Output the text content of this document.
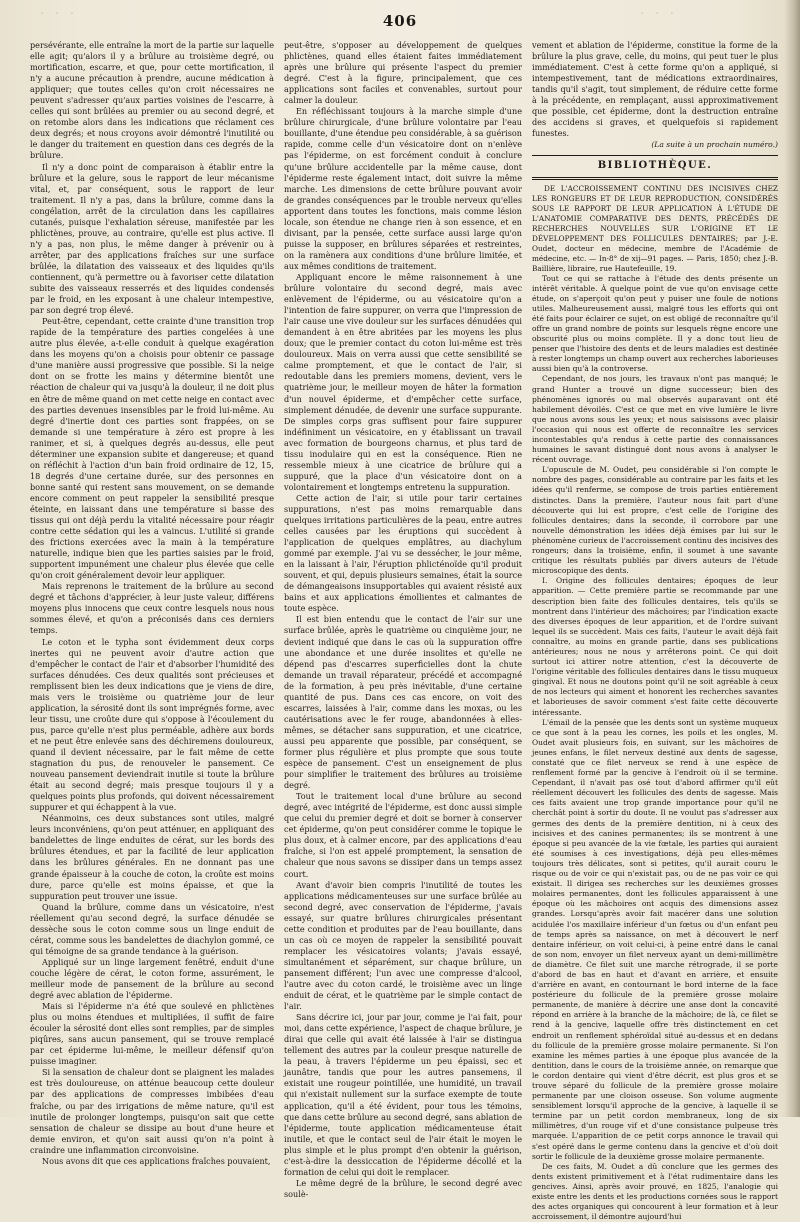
· · ·	· · ·
406

persévérante, elle entraîne la mort de la partie sur laquelle elle agit; qu'alors il y a brûlure au troisième degré, ou mortification, escarre, et que, pour cette mortification, il n'y a aucune précaution à prendre, aucune médication à appliquer; que toutes celles qu'on croit nécessaires ne peuvent s'adresser qu'aux parties voisines de l'escarre, à celles qui sont brûlées au premier ou au second degré, et on retombe alors dans les indications que réclament ces deux degrés; et nous croyons avoir démontré l'inutilité ou le danger du traitement en question dans ces degrés de la brûlure.

Il n'y a donc point de comparaison à établir entre la brûlure et la gelure, sous le rapport de leur mécanisme vital, et, par conséquent, sous le rapport de leur traitement. Il n'y a pas, dans la brûlure, comme dans la congélation, arrêt de la circulation dans les capillaires cutanés, puisque l'exhalation séreuse, manifestée par les phlictènes, prouve, au contraire, qu'elle est plus active. Il n'y a pas, non plus, le même danger à prévenir ou à arrêter, par des applications fraîches sur une surface brûlée, la dilatation des vaisseaux et des liquides qu'ils contiennent, qu'à permettre ou à favoriser cette dilatation subite des vaisseaux resserrés et des liquides condensés par le froid, en les exposant à une chaleur intempestive, par son degré trop élevé.

Peut-être, cependant, cette crainte d'une transition trop rapide de la température des parties congelées à une autre plus élevée, a-t-elle conduit à quelque exagération dans les moyens qu'on a choisis pour obtenir ce passage d'une manière aussi progressive que possible. Si la neige dont on se frotte les mains y détermine bientôt une réaction de chaleur qui va jusqu'à la douleur, il ne doit plus en être de même quand on met cette neige en contact avec des parties devenues insensibles par le froid lui-même. Au degré d'inertie dont ces parties sont frappées, on se demande si une température à zéro est propre à les ranimer, et si, à quelques degrés au-dessus, elle peut déterminer une expansion subite et dangereuse; et quand on réfléchit à l'action d'un bain froid ordinaire de 12, 15, 18 degrés d'une certaine durée, sur des personnes en bonne santé qui restent sans mouvement, on se demande encore comment on peut rappeler la sensibilité presque éteinte, en laissant dans une température si basse des tissus qui ont déjà perdu la vitalité nécessaire pour réagir contre cette sédation qui les a vaincus. L'utilité si grande des frictions exercées avec la main à la température naturelle, indique bien que les parties saisies par le froid, supportent impunément une chaleur plus élevée que celle qu'on croit généralement devoir leur appliquer.

Mais reprenons le traitement de la brûlure au second degré et tâchons d'apprécier, à leur juste valeur, différens moyens plus innocens que ceux contre lesquels nous nous sommes élevé, et qu'on a préconisés dans ces derniers temps.

Le coton et le typha sont évidemment deux corps inertes qui ne peuvent avoir d'autre action que d'empêcher le contact de l'air et d'absorber l'humidité des surfaces dénudées. Ces deux qualités sont précieuses et remplissent bien les deux indications que je viens de dire, mais vers le troisième ou quatrième jour de leur application, la sérosité dont ils sont imprégnés forme, avec leur tissu, une croûte dure qui s'oppose à l'écoulement du pus, parce qu'elle n'est plus perméable, adhère aux bords et ne peut être enlevée sans des déchiremens douloureux, quand il devient nécessaire, par le fait même de cette stagnation du pus, de renouveler le pansement. Ce nouveau pansement deviendrait inutile si toute la brûlure était au second degré; mais presque toujours il y a quelques points plus profonds, qui doivent nécessairement suppurer et qui échappent à la vue.

Néanmoins, ces deux substances sont utiles, malgré leurs inconvéniens, qu'on peut atténuer, en appliquant des bandelettes de linge enduites de cérat, sur les bords des brûlures étendues, et par la facilité de leur application dans les brûlures générales. En ne donnant pas une grande épaisseur à la couche de coton, la croûte est moins dure, parce qu'elle est moins épaisse, et que la suppuration peut trouver une issue.

Quand la brûlure, comme dans un vésicatoire, n'est réellement qu'au second degré, la surface dénudée se dessèche sous le coton comme sous un linge enduit de cérat, comme sous les bandelettes de diachylon gommé, ce qui témoigne de sa grande tendance à la guérison.

Appliqué sur un linge largement fenêtré, enduit d'une couche légère de cérat, le coton forme, assurément, le meilleur mode de pansement de la brûlure au second degré avec ablation de l'épiderme.

Mais si l'épiderme n'a été que soulevé en phlictènes plus ou moins étendues et multipliées, il suffit de faire écouler la sérosité dont elles sont remplies, par de simples piqûres, sans aucun pansement, qui se trouve remplacé par cet épiderme lui-même, le meilleur défensif qu'on puisse imaginer.

Si la sensation de chaleur dont se plaignent les malades est très douloureuse, on atténue beaucoup cette douleur par des applications de compresses imbibées d'eau fraîche, ou par des irrigations de même nature, qu'il est inutile de prolonger longtemps, puisqu'on sait que cette sensation de chaleur se dissipe au bout d'une heure et demie environ, et qu'on sait aussi qu'on n'a point à craindre une inflammation circonvoisine.

Nous avons dit que ces applications fraîches pouvaient,

peut-être, s'opposer au développement de quelques phlictènes, quand elles étaient faites immédiatement après une brûlure qui présente l'aspect du premier degré. C'est à la figure, principalement, que ces applications sont faciles et convenables, surtout pour calmer la douleur.

En réfléchissant toujours à la marche simple d'une brûlure chirurgicale, d'une brûlure volontaire par l'eau bouillante, d'une étendue peu considérable, à sa guérison rapide, comme celle d'un vésicatoire dont on n'enlève pas l'épiderme, on est forcément conduit à conclure qu'une brûlure accidentelle par la même cause, dont l'épiderme reste également intact, doit suivre la même marche. Les dimensions de cette brûlure pouvant avoir de grandes conséquences par le trouble nerveux qu'elles apportent dans toutes les fonctions, mais comme lésion locale, son étendue ne change rien à son essence, et en divisant, par la pensée, cette surface aussi large qu'on puisse la supposer, en brûlures séparées et restreintes, on la ramènera aux conditions d'une brûlure limitée, et aux mêmes conditions de traitement.

Appliquant encore le même raisonnement à une brûlure volontaire du second degré, mais avec enlèvement de l'épiderme, ou au vésicatoire qu'on a l'intention de faire suppurer, on verra que l'impression de l'air cause une vive douleur sur les surfaces dénudées qui demandent à en être abritées par les moyens les plus doux; que le premier contact du coton lui-même est très douloureux. Mais on verra aussi que cette sensibilité se calme promptement, et que le contact de l'air, si redoutable dans les premiers momens, devient, vers le quatrième jour, le meilleur moyen de hâter la formation d'un nouvel épiderme, et d'empêcher cette surface, simplement dénudée, de devenir une surface suppurante. De simples corps gras suffisent pour faire suppurer indéfiniment un vésicatoire, en y établissant un travail avec formation de bourgeons charnus, et plus tard de tissu inodulaire qui en est la conséquence. Rien ne ressemble mieux à une cicatrice de brûlure qui a suppuré, que la place d'un vésicatoire dont on a volontairement et longtemps entretenu la suppuration.

Cette action de l'air, si utile pour tarir certaines suppurations, n'est pas moins remarquable dans quelques irritations particulières de la peau, entre autres celles causées par les éruptions qui succèdent à l'application de quelques emplâtres, au diachylum gommé par exemple. J'ai vu se dessécher, le jour même, en la laissant à l'air, l'éruption phlicténoïde qu'il produit souvent, et qui, depuis plusieurs semaines, était la source de démangeaisons insupportables qui avaient résisté aux bains et aux applications émollientes et calmantes de toute espèce.

Il est bien entendu que le contact de l'air sur une surface brûlée, après le quatrième ou cinquième jour, ne devient indiqué que dans le cas où la suppuration offre une abondance et une durée insolites et qu'elle ne dépend pas d'escarres superficielles dont la chute demande un travail réparateur, précédé et accompagné de la formation, à peu près inévitable, d'une certaine quantité de pus. Dans ces cas encore, on voit des escarres, laissées à l'air, comme dans les moxas, ou les cautérisations avec le fer rouge, abandonnées à elles-mêmes, se détacher sans suppuration, et une cicatrice, aussi peu apparente que possible, par conséquent, se former plus régulière et plus prompte que sous toute espèce de pansement. C'est un enseignement de plus pour simplifier le traitement des brûlures au troisième degré.

Tout le traitement local d'une brûlure au second degré, avec intégrité de l'épiderme, est donc aussi simple que celui du premier degré et doit se borner à conserver cet épiderme, qu'on peut considérer comme le topique le plus doux, et à calmer encore, par des applications d'eau fraîche, si l'on est appelé promptement, la sensation de chaleur que nous savons se dissiper dans un temps assez court.

Avant d'avoir bien compris l'inutilité de toutes les applications médicamenteuses sur une surface brûlée au second degré, avec conservation de l'épiderme, j'avais essayé, sur quatre brûlures chirurgicales présentant cette condition et produites par de l'eau bouillante, dans un cas où ce moyen de rappeler la sensibilité pouvait remplacer les vésicatoires volants; j'avais essayé, simultanément et séparément, sur chaque brûlure, un pansement différent; l'un avec une compresse d'alcool, l'autre avec du coton cardé, le troisième avec un linge enduit de cérat, et le quatrième par le simple contact de l'air.

Sans décrire ici, jour par jour, comme je l'ai fait, pour moi, dans cette expérience, l'aspect de chaque brûlure, je dirai que celle qui avait été laissée à l'air se distingua tellement des autres par la couleur presque naturelle de la peau, à travers l'épiderme un peu épaissi, sec et jaunâtre, tandis que pour les autres pansemens, il existait une rougeur pointillée, une humidité, un travail qui n'existait nullement sur la surface exempte de toute application, qu'il a été évident, pour tous les témoins, que dans cette brûlure au second degré, sans ablation de l'épiderme, toute application médicamenteuse était inutile, et que le contact seul de l'air était le moyen le plus simple et le plus prompt d'en obtenir la guérison, c'est-à-dire la dessiccation de l'épiderme décollé et la formation de celui qui doit le remplacer.

Le même degré de la brûlure, le second degré avec soulè-

vement et ablation de l'épiderme, constitue la forme de la brûlure la plus grave, celle, du moins, qui peut tuer le plus immédiatement. C'est à cette forme qu'on a appliqué, si intempestivement, tant de médications extraordinaires, tandis qu'il s'agit, tout simplement, de réduire cette forme à la précédente, en remplaçant, aussi approximativement que possible, cet épiderme, dont la destruction entraîne des accidens si graves, et quelquefois si rapidement funestes.

(La suite à un prochain numéro.)
BIBLIOTHÈQUE.

DE L'ACCROISSEMENT CONTINU DES INCISIVES CHEZ LES RONGEURS ET DE LEUR REPRODUCTION, CONSIDÉRÉS SOUS LE RAPPORT DE LEUR APPLICATION À L'ÉTUDE DE L'ANATOMIE COMPARATIVE DES DENTS, PRÉCÉDÉS DE RECHERCHES NOUVELLES SUR L'ORIGINE ET LE DÉVELOPPEMENT DES FOLLICULES DENTAIRES; par J.-E. Oudet, docteur en médecine, membre de l'Académie de médecine, etc. — In-8° de xij—91 pages. — Paris, 1850; chez J.-B. Baillière, libraire, rue Hautefeuille, 19.

Tout ce qui se rattache à l'étude des dents présente un intérêt véritable. À quelque point de vue qu'on envisage cette étude, on s'aperçoit qu'on peut y puiser une foule de notions utiles. Malheureusement aussi, malgré tous les efforts qui ont été faits pour éclairer ce sujet, on est obligé de reconnaître qu'il offre un grand nombre de points sur lesquels règne encore une obscurité plus ou moins complète. Il y a donc tout lieu de penser que l'histoire des dents et de leurs maladies est destinée à rester longtemps un champ ouvert aux recherches laborieuses aussi bien qu'à la controverse.

Cependant, de nos jours, les travaux n'ont pas manqué; le grand Hunter a trouvé un digne successeur; bien des phénomènes ignorés ou mal observés auparavant ont été habilement dévoilés. C'est ce que met en vive lumière le livre que nous avons sous les yeux; et nous saisissons avec plaisir l'occasion qui nous est offerte de reconnaître les services incontestables qu'a rendus à cette partie des connaissances humaines le savant distingué dont nous avons à analyser le récent ouvrage.

L'opuscule de M. Oudet, peu considérable si l'on compte le nombre des pages, considérable au contraire par les faits et les idées qu'il renferme, se compose de trois parties entièrement distinctes. Dans la première, l'auteur nous fait part d'une découverte qui lui est propre, c'est celle de l'origine des follicules dentaires; dans la seconde, il corrobore par une nouvelle démonstration les idées déjà émises par lui sur le phénomène curieux de l'accroissement continu des incisives des rongeurs; dans la troisième, enfin, il soumet à une savante critique les résultats publiés par divers auteurs de l'étude microscopique des dents.

I. Origine des follicules dentaires; époques de leur apparition. — Cette première partie se recommande par une description bien faite des follicules dentaires, tels qu'ils se montrent dans l'intérieur des mâchoires; par l'indication exacte des diverses époques de leur apparition, et de l'ordre suivant lequel ils se succèdent. Mais ces faits, l'auteur le avait déjà fait connaître, au moins en grande partie, dans ses publications antérieures; nous ne nous y arrêterons point. Ce qui doit surtout ici attirer notre attention, c'est la découverte de l'origine véritable des follicules dentaires dans le tissu muqueux gingival. Et nous ne doutons point qu'il ne soit agréable à ceux de nos lecteurs qui aiment et honorent les recherches savantes et laborieuses de savoir comment s'est faite cette découverte intéressante.

L'émail de la pensée que les dents sont un système muqueux ce que sont à la peau les cornes, les poils et les ongles, M. Oudet avait plusieurs fois, en suivant, sur les mâchoires de jeunes enfans, le filet nerveux destiné aux dents de sagesse, constaté que ce filet nerveux se rend à une espèce de renflement formé par la gencive à l'endroit où il se termine. Cependant, il n'avait pas osé tout d'abord affirmer qu'il eût réellement découvert les follicules des dents de sagesse. Mais ces faits avaient une trop grande importance pour qu'il ne cherchât point à sortir du doute. Il ne voulut pas s'adresser aux germes des dents de la première dentition, ni à ceux des incisives et des canines permanentes; ils se montrent à une époque si peu avancée de la vie fœtale, les parties qui auraient été soumises à ces investigations, déjà peu elles-mêmes toujours très délicates, sont si petites, qu'il aurait couru le risque ou de voir ce qui n'existait pas, ou de ne pas voir ce qui existait. Il dirigea ses recherches sur les deuxièmes grosses molaires permanentes, dont les follicules apparaissent à une époque où les mâchoires ont acquis des dimensions assez grandes. Lorsqu'après avoir fait macérer dans une solution acidulée l'os maxillaire inférieur d'un fœtus ou d'un enfant peu de temps après sa naissance, on met à découvert le nerf dentaire inférieur, on voit celui-ci, à peine entré dans le canal de son nom, envoyer un filet nerveux ayant un demi-millimètre de diamètre. Ce filet suit une marche rétrograde, il se porte d'abord de bas en haut et d'avant en arrière, et ensuite d'arrière en avant, en contournant le bord interne de la face postérieure du follicule de la première grosse molaire permanente, de manière à décrire une anse dont la concavité répond en arrière à la branche de la mâchoire; de là, ce filet se rend à la gencive, laquelle offre très distinctement en cet endroit un renflement sphéroïdal situé au-dessus et en dedans du follicule de la première grosse molaire permanente. Si l'on examine les mêmes parties à une époque plus avancée de la dentition, dans le cours de la troisième année, on remarque que le cordon dentaire qui vient d'être décrit, est plus gros et se trouve séparé du follicule de la première grosse molaire permanente par une cloison osseuse. Son volume augmente sensiblement lorsqu'il approche de la gencive, à laquelle il se termine par un petit cordon membraneux, long de six millimètres, d'un rouge vif et d'une consistance pulpeuse très marquée. L'apparition de ce petit corps annonce le travail qui s'est opéré dans le germe contenu dans la gencive et d'où doit sortir le follicule de la deuxième grosse molaire permanente.

De ces faits, M. Oudet a dû conclure que les germes des dents existent primitivement et à l'état rudimentaire dans les gencives. Ainsi, après avoir prouvé, en 1825, l'analogie qui existe entre les dents et les productions cornées sous le rapport des actes organiques qui concourent à leur formation et à leur accroissement, il démontre aujourd'hui
